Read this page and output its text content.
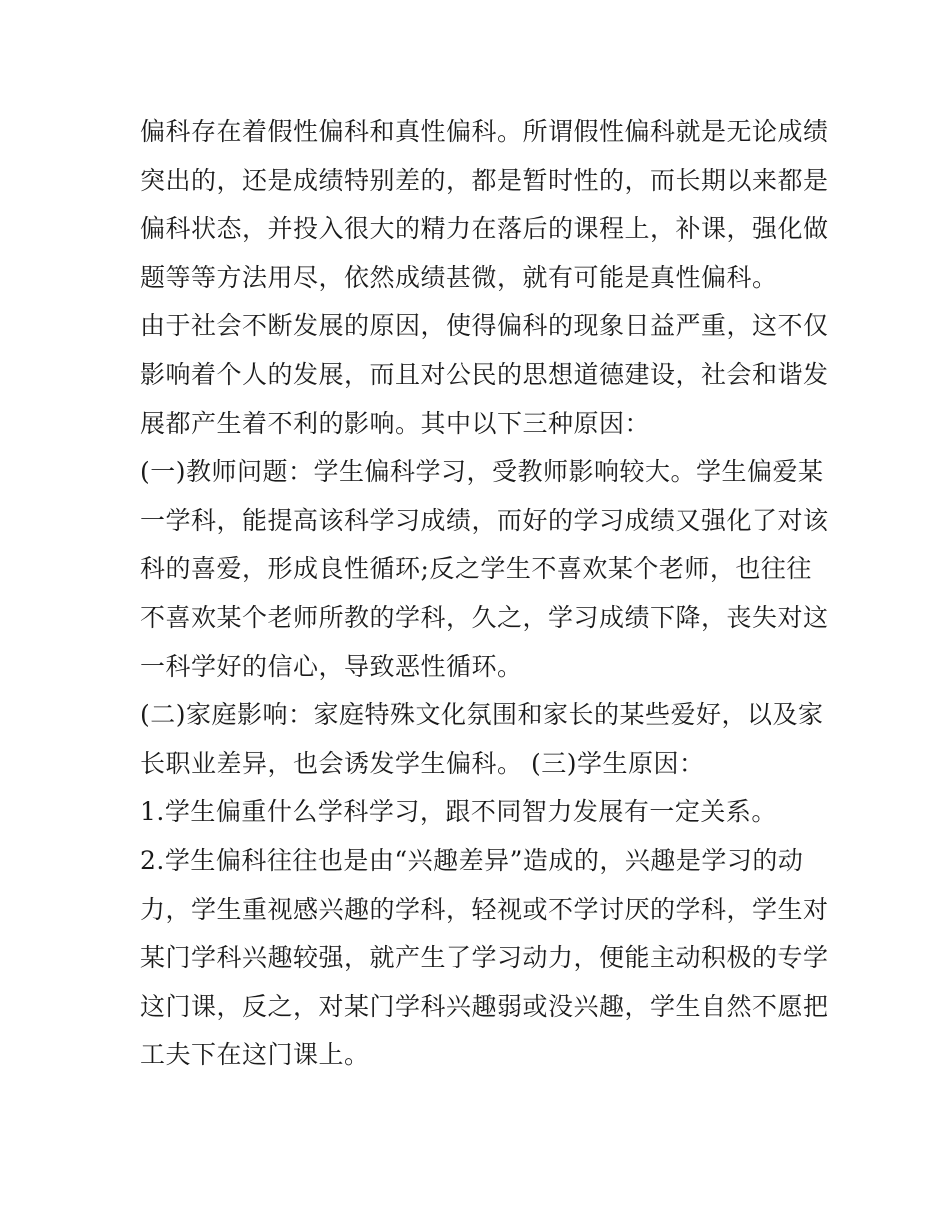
偏科存在着假性偏科和真性偏科。所谓假性偏科就是无论成绩
突出的，还是成绩特别差的，都是暂时性的，而长期以来都是
偏科状态，并投入很大的精力在落后的课程上，补课，强化做
题等等方法用尽，依然成绩甚微，就有可能是真性偏科。
由于社会不断发展的原因，使得偏科的现象日益严重，这不仅
影响着个人的发展，而且对公民的思想道德建设，社会和谐发
展都产生着不利的影响。其中以下三种原因：
(一)教师问题：学生偏科学习，受教师影响较大。学生偏爱某
一学科，能提高该科学习成绩，而好的学习成绩又强化了对该
科的喜爱，形成良性循环;反之学生不喜欢某个老师，也往往
不喜欢某个老师所教的学科，久之，学习成绩下降，丧失对这
一科学好的信心，导致恶性循环。
(二)家庭影响：家庭特殊文化氛围和家长的某些爱好，以及家
长职业差异，也会诱发学生偏科。 (三)学生原因：
1.学生偏重什么学科学习，跟不同智力发展有一定关系。
2.学生偏科往往也是由“兴趣差异”造成的，兴趣是学习的动
力，学生重视感兴趣的学科，轻视或不学讨厌的学科，学生对
某门学科兴趣较强，就产生了学习动力，便能主动积极的专学
这门课，反之，对某门学科兴趣弱或没兴趣，学生自然不愿把
工夫下在这门课上。
